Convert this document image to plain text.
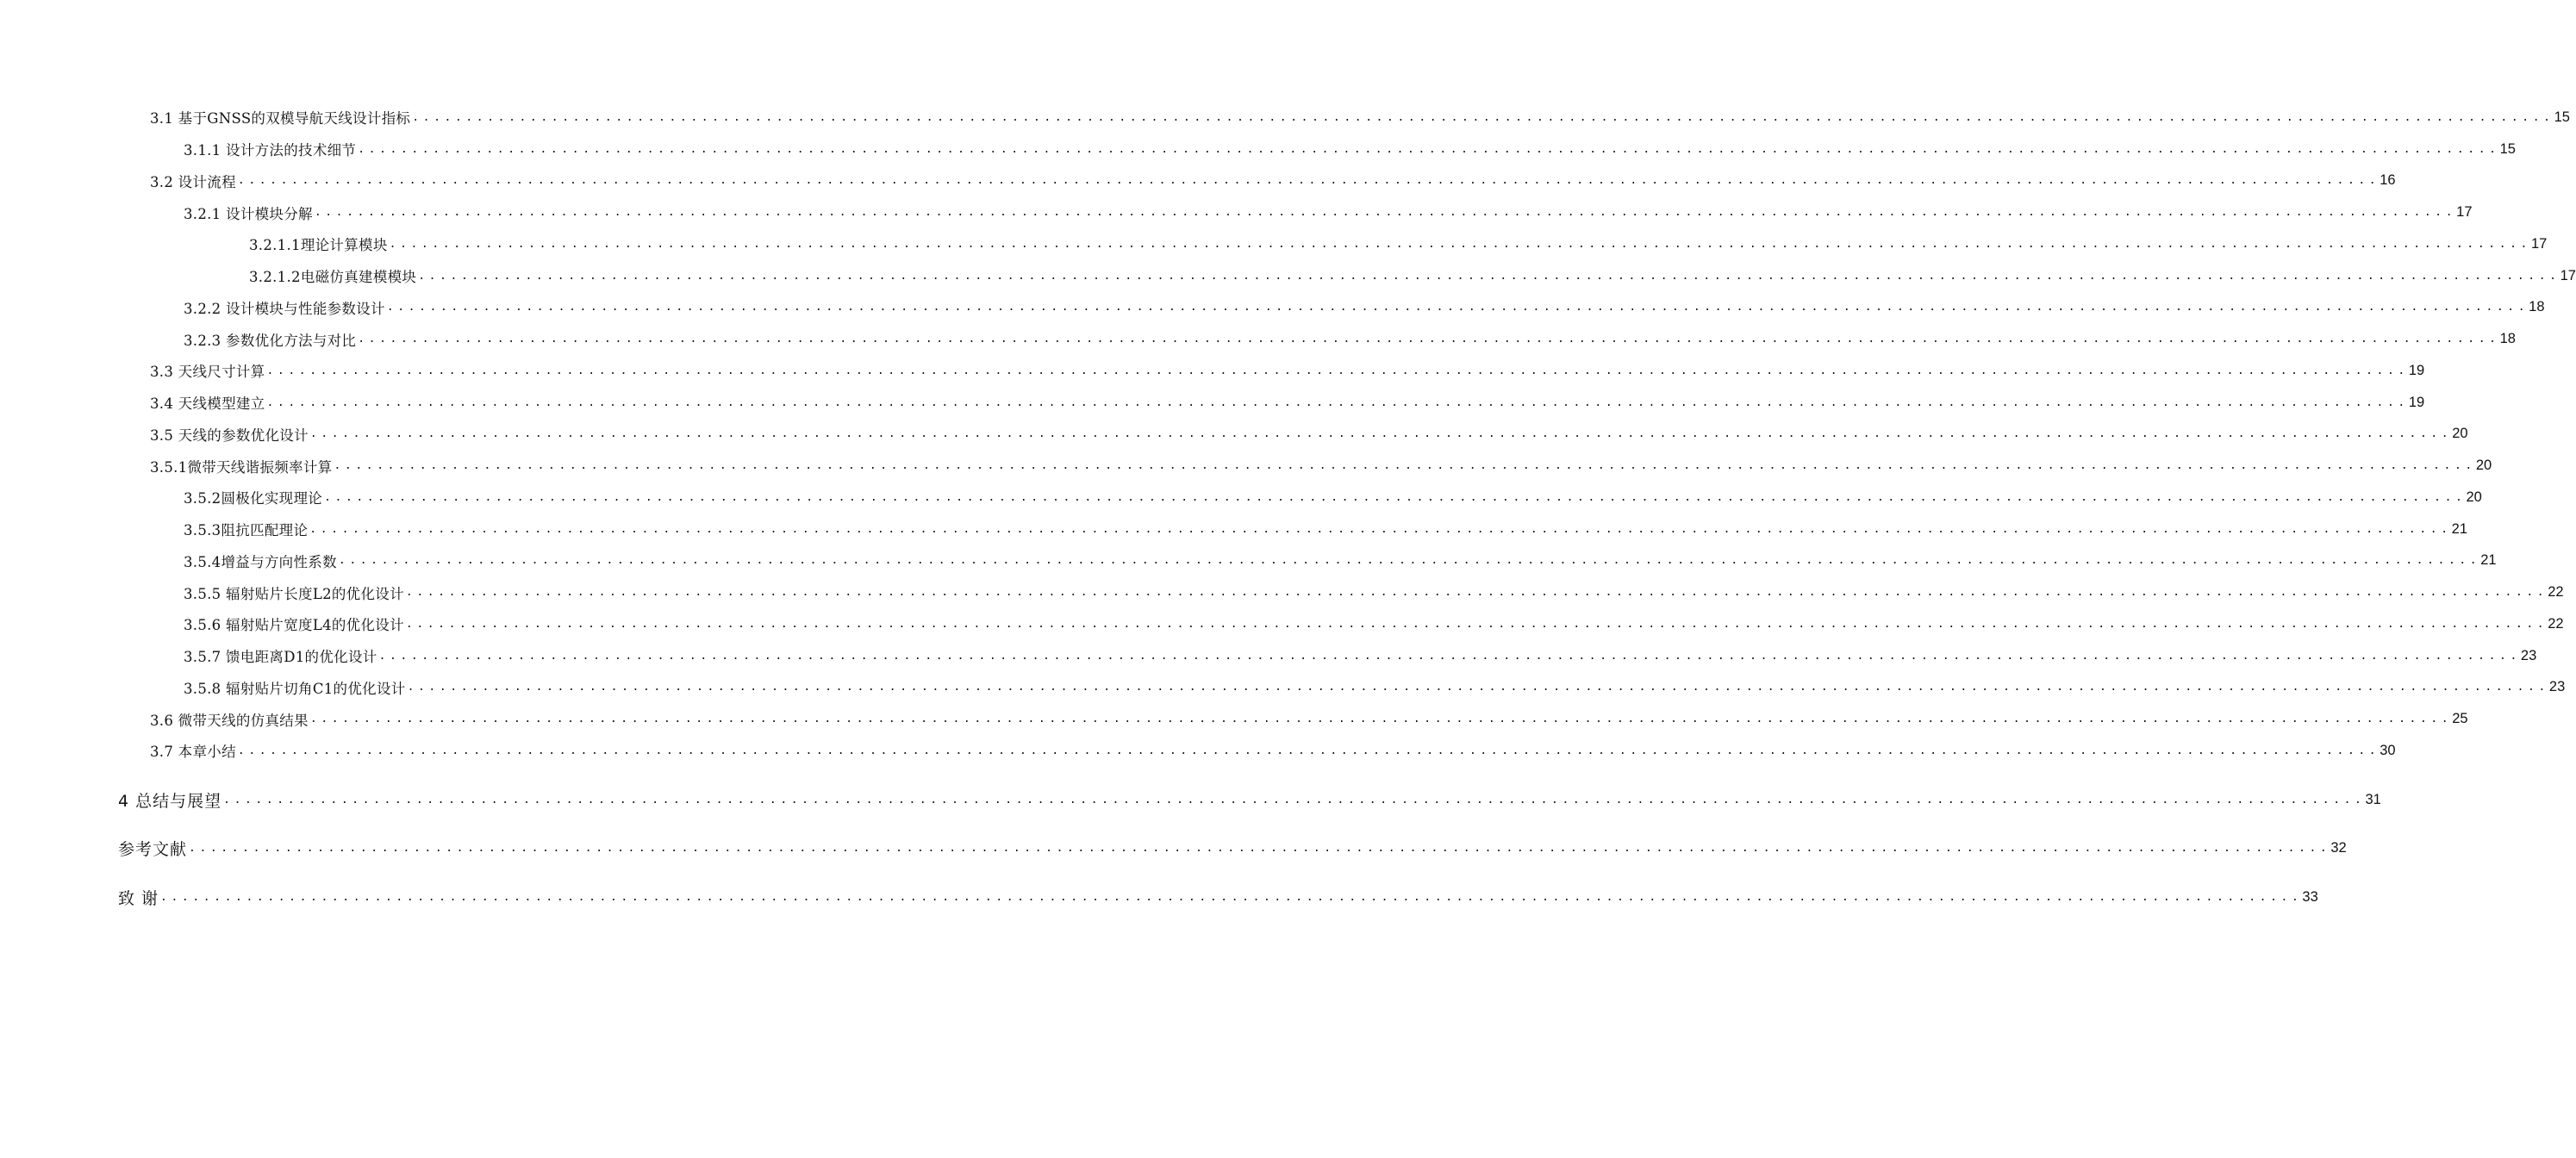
3.1 基于GNSS的双模导航天线设计指标 ........................................................................................................................................................................................................ 15
3.1.1 设计方法的技术细节 ........................................................................................................................................................................................................ 15
3.2 设计流程 ........................................................................................................................................................................................................ 16
3.2.1 设计模块分解 ........................................................................................................................................................................................................ 17
3.2.1.1理论计算模块 ........................................................................................................................................................................................................ 17
3.2.1.2电磁仿真建模模块 ........................................................................................................................................................................................................ 17
3.2.2 设计模块与性能参数设计 ........................................................................................................................................................................................................ 18
3.2.3 参数优化方法与对比 ........................................................................................................................................................................................................ 18
3.3 天线尺寸计算 ........................................................................................................................................................................................................ 19
3.4 天线模型建立 ........................................................................................................................................................................................................ 19
3.5 天线的参数优化设计 ........................................................................................................................................................................................................ 20
3.5.1微带天线谐振频率计算 ........................................................................................................................................................................................................ 20
3.5.2圆极化实现理论 ........................................................................................................................................................................................................ 20
3.5.3阻抗匹配理论 ........................................................................................................................................................................................................ 21
3.5.4增益与方向性系数 ........................................................................................................................................................................................................ 21
3.5.5 辐射贴片长度L2的优化设计 ........................................................................................................................................................................................................ 22
3.5.6 辐射贴片宽度L4的优化设计 ........................................................................................................................................................................................................ 22
3.5.7 馈电距离D1的优化设计 ........................................................................................................................................................................................................ 23
3.5.8 辐射贴片切角C1的优化设计 ........................................................................................................................................................................................................ 23
3.6 微带天线的仿真结果 ........................................................................................................................................................................................................ 25
3.7 本章小结 ........................................................................................................................................................................................................ 30
4 总结与展望 ........................................................................................................................................................................................................ 31
参考文献 ........................................................................................................................................................................................................ 32
致 谢 ........................................................................................................................................................................................................ 33
